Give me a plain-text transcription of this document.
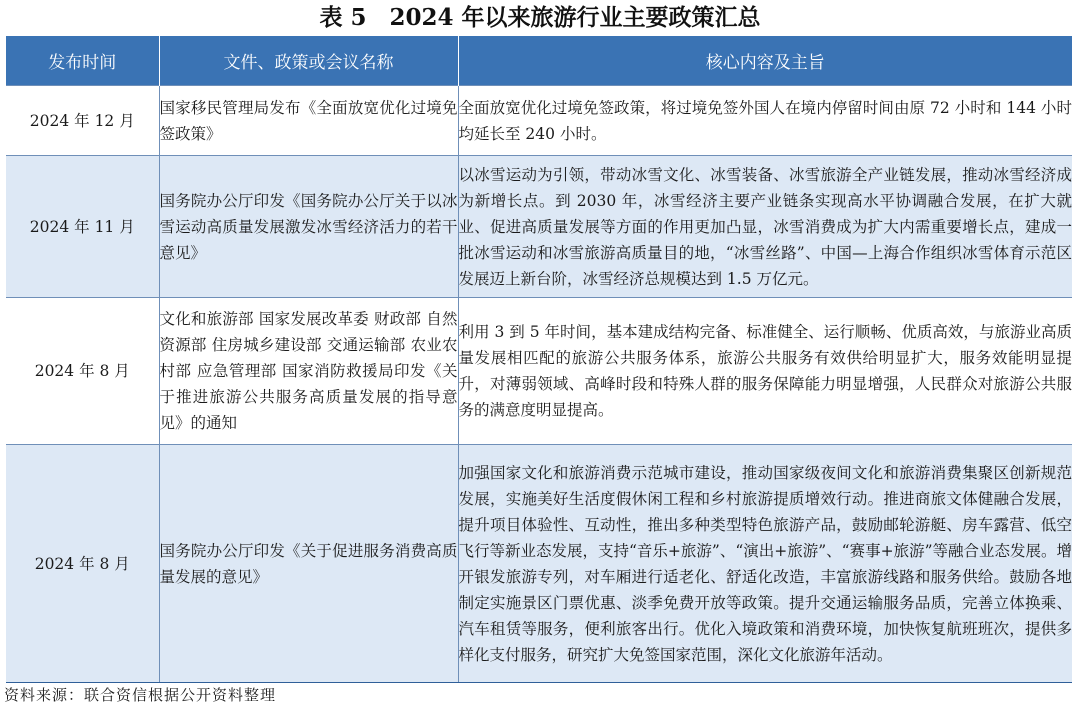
表 5　2024 年以来旅游行业主要政策汇总
发布时间	文件、政策或会议名称	核心内容及主旨
2024 年 12 月	国家移民管理局发布《全面放宽优化过境免签政策》	全面放宽优化过境免签政策，将过境免签外国人在境内停留时间由原 72 小时和 144 小时均延长至 240 小时。
2024 年 11 月	国务院办公厅印发《国务院办公厅关于以冰雪运动高质量发展激发冰雪经济活力的若干意见》	以冰雪运动为引领，带动冰雪文化、冰雪装备、冰雪旅游全产业链发展，推动冰雪经济成为新增长点。到 2030 年，冰雪经济主要产业链条实现高水平协调融合发展，在扩大就业、促进高质量发展等方面的作用更加凸显，冰雪消费成为扩大内需重要增长点，建成一批冰雪运动和冰雪旅游高质量目的地，“冰雪丝路”、中国—上海合作组织冰雪体育示范区发展迈上新台阶，冰雪经济总规模达到 1.5 万亿元。
2024 年 8 月	文化和旅游部 国家发展改革委 财政部 自然资源部 住房城乡建设部 交通运输部 农业农村部 应急管理部 国家消防救援局印发《关于推进旅游公共服务高质量发展的指导意见》的通知	利用 3 到 5 年时间，基本建成结构完备、标准健全、运行顺畅、优质高效，与旅游业高质量发展相匹配的旅游公共服务体系，旅游公共服务有效供给明显扩大，服务效能明显提升，对薄弱领域、高峰时段和特殊人群的服务保障能力明显增强，人民群众对旅游公共服务的满意度明显提高。
2024 年 8 月	国务院办公厅印发《关于促进服务消费高质量发展的意见》	加强国家文化和旅游消费示范城市建设，推动国家级夜间文化和旅游消费集聚区创新规范发展，实施美好生活度假休闲工程和乡村旅游提质增效行动。推进商旅文体健融合发展，提升项目体验性、互动性，推出多种类型特色旅游产品，鼓励邮轮游艇、房车露营、低空飞行等新业态发展，支持“音乐+旅游”、“演出+旅游”、“赛事+旅游”等融合业态发展。增开银发旅游专列，对车厢进行适老化、舒适化改造，丰富旅游线路和服务供给。鼓励各地制定实施景区门票优惠、淡季免费开放等政策。提升交通运输服务品质，完善立体换乘、汽车租赁等服务，便利旅客出行。优化入境政策和消费环境，加快恢复航班班次，提供多样化支付服务，研究扩大免签国家范围，深化文化旅游年活动。
资料来源：联合资信根据公开资料整理
